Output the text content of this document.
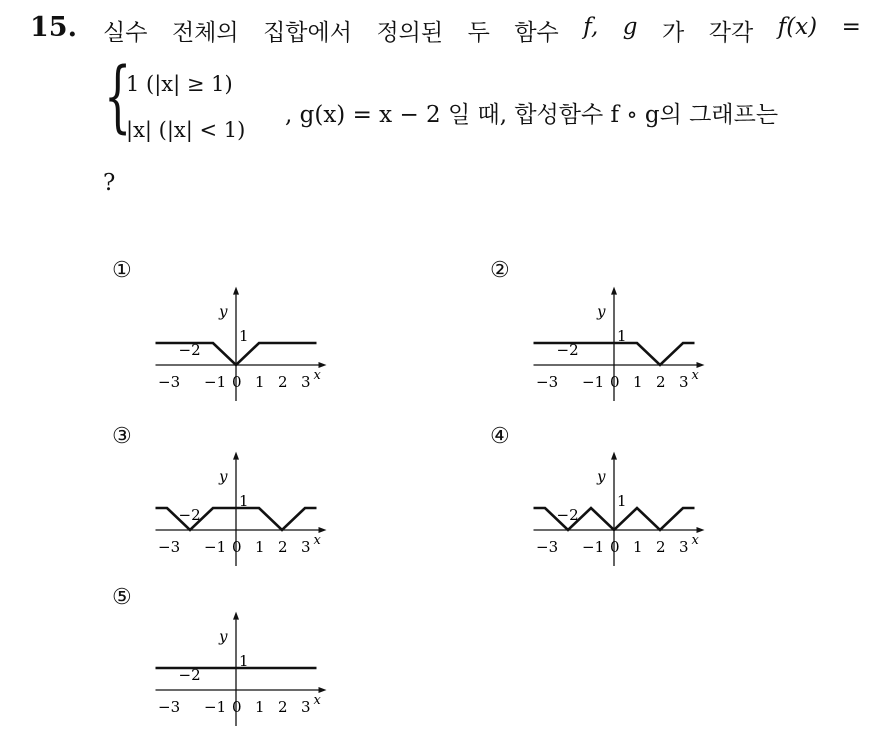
15. 실수 전체의 집합에서 정의된 두 함수 f, g 가 각각 f(x) =
{
1 (|x| ≥ 1)
|x| (|x| < 1)
, g(x) = x − 2 일 때, 합성함수 f ∘ g의 그래프는
?
①	②
③	④
⑤
y
x
1
−2
−3 −1 0 1 2 3
y
x
1
−2
−3 −1 0 1 2 3
y
x
1
−2
−3 −1 0 1 2 3
y
x
1
−2
−3 −1 0 1 2 3
y
x
1
−2
−3 −1 0 1 2 3
